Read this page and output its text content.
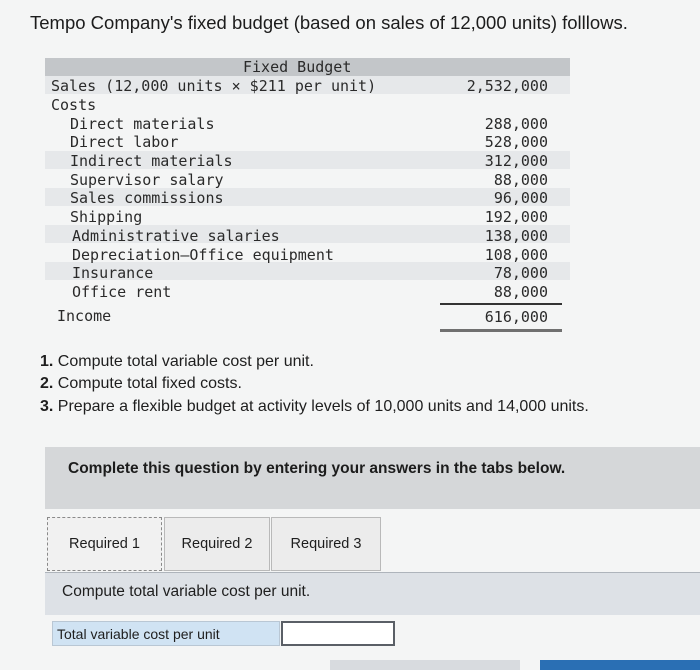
Tempo Company's fixed budget (based on sales of 12,000 units) folllows.
Fixed Budget
Sales (12,000 units × $211 per unit)	2,532,000
Costs
Direct materials	288,000
Direct labor	528,000
Indirect materials	312,000
Supervisor salary	88,000
Sales commissions	96,000
Shipping	192,000
Administrative salaries	138,000
Depreciation—Office equipment	108,000
Insurance	78,000
Office rent	88,000
Income	616,000
1. Compute total variable cost per unit.
2. Compute total fixed costs.
3. Prepare a flexible budget at activity levels of 10,000 units and 14,000 units.
Complete this question by entering your answers in the tabs below.
Required 1	Required 2	Required 3
Compute total variable cost per unit.
Total variable cost per unit
